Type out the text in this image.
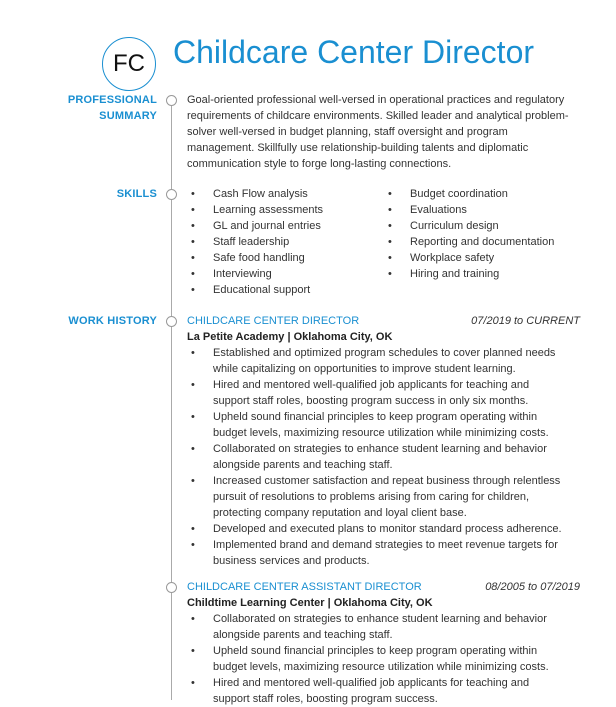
FC Childcare Center Director
PROFESSIONAL
SUMMARY
Goal-oriented professional well-versed in operational practices and regulatory requirements of childcare environments. Skilled leader and analytical problem-solver well-versed in budget planning, staff oversight and program management. Skillfully use relationship-building talents and diplomatic communication style to forge long-lasting connections.
SKILLS	• Cash Flow analysis
• Learning assessments
• GL and journal entries
• Staff leadership
• Safe food handling
• Interviewing
• Educational support
• Budget coordination
• Evaluations
• Curriculum design
• Reporting and documentation
• Workplace safety
• Hiring and training
WORK HISTORY	CHILDCARE CENTER DIRECTOR	07/2019 to CURRENT
La Petite Academy | Oklahoma City, OK
• Established and optimized program schedules to cover planned needs while capitalizing on opportunities to improve student learning.
• Hired and mentored well-qualified job applicants for teaching and support staff roles, boosting program success in only six months.
• Upheld sound financial principles to keep program operating within budget levels, maximizing resource utilization while minimizing costs.
• Collaborated on strategies to enhance student learning and behavior alongside parents and teaching staff.
• Increased customer satisfaction and repeat business through relentless pursuit of resolutions to problems arising from caring for children, protecting company reputation and loyal client base.
• Developed and executed plans to monitor standard process adherence.
• Implemented brand and demand strategies to meet revenue targets for business services and products.
CHILDCARE CENTER ASSISTANT DIRECTOR	08/2005 to 07/2019
Childtime Learning Center | Oklahoma City, OK
• Collaborated on strategies to enhance student learning and behavior alongside parents and teaching staff.
• Upheld sound financial principles to keep program operating within budget levels, maximizing resource utilization while minimizing costs.
• Hired and mentored well-qualified job applicants for teaching and support staff roles, boosting program success.
